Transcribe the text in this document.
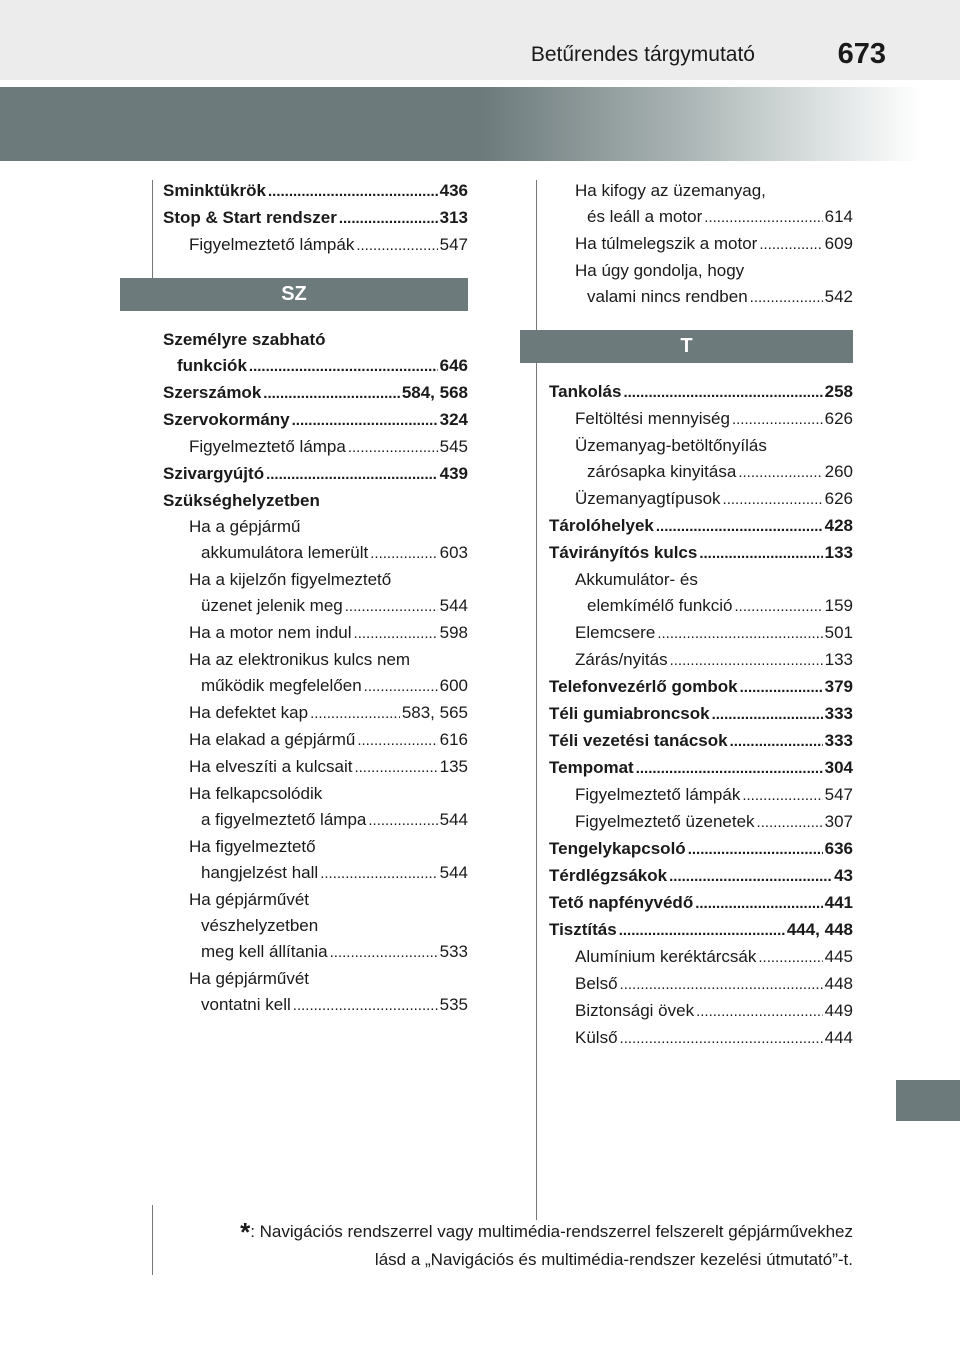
Betűrendes tárgymutató	673
Sminktükrök .....	436
Stop & Start rendszer .....	313
Figyelmeztető lámpák .....	547
SZ
Személyre szabható
funkciók .....	646
Szerszámok .....	584, 568
Szervokormány .....	324
Figyelmeztető lámpa .....	545
Szivargyújtó .....	439
Szükséghelyzetben
Ha a gépjármű
akkumulátora lemerült .....	603
Ha a kijelzőn figyelmeztető
üzenet jelenik meg .....	544
Ha a motor nem indul .....	598
Ha az elektronikus kulcs nem
működik megfelelően .....	600
Ha defektet kap .....	583, 565
Ha elakad a gépjármű .....	616
Ha elveszíti a kulcsait .....	135
Ha felkapcsolódik
a figyelmeztető lámpa .....	544
Ha figyelmeztető
hangjelzést hall .....	544
Ha gépjárművét
vészhelyzetben
meg kell állítania .....	533
Ha gépjárművét
vontatni kell .....	535
Ha kifogy az üzemanyag,
és leáll a motor .....	614
Ha túlmelegszik a motor .....	609
Ha úgy gondolja, hogy
valami nincs rendben .....	542
T
Tankolás .....	258
Feltöltési mennyiség .....	626
Üzemanyag-betöltőnyílás
zárósapka kinyitása .....	260
Üzemanyagtípusok .....	626
Tárolóhelyek .....	428
Távirányítós kulcs .....	133
Akkumulátor- és
elemkímélő funkció .....	159
Elemcsere .....	501
Zárás/nyitás .....	133
Telefonvezérlő gombok .....	379
Téli gumiabroncsok .....	333
Téli vezetési tanácsok .....	333
Tempomat .....	304
Figyelmeztető lámpák .....	547
Figyelmeztető üzenetek .....	307
Tengelykapcsoló .....	636
Térdlégzsákok .....	43
Tető napfényvédő .....	441
Tisztítás .....	444, 448
Alumínium keréktárcsák .....	445
Belső .....	448
Biztonsági övek .....	449
Külső .....	444
*: Navigációs rendszerrel vagy multimédia-rendszerrel felszerelt gépjárművekhez
lásd a „Navigációs és multimédia-rendszer kezelési útmutató”-t.
